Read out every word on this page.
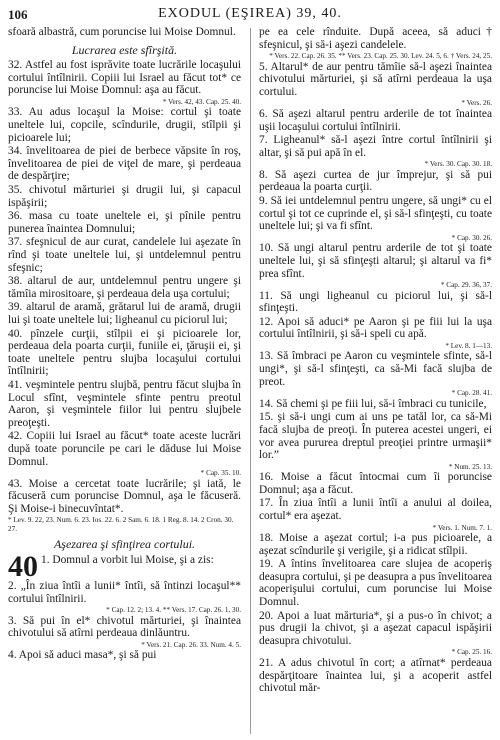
106	EXODUL (EŞIREA) 39, 40.

sfoară albastră, cum poruncise lui Moise Domnul.

Lucrarea este sfîrşită.

32. Astfel au fost isprăvite toate lucrările locaşului cortului întîlnirii. Copiii lui Israel au făcut tot* ce poruncise lui Moise Domnul: aşa au făcut.

* Vers. 42, 43. Cap. 25. 40.

33. Au adus locaşul la Moise: cortul şi toate uneltele lui, copcile, scîndurile, drugii, stîlpii şi picioarele lui;

34. învelitoarea de piei de berbece văpsite în roş, învelitoarea de piei de viţel de mare, şi perdeaua de despărţire;

35. chivotul mărturiei şi drugii lui, şi capacul ispăşirii;

36. masa cu toate uneltele ei, şi pînile pentru punerea înaintea Domnului;

37. sfeşnicul de aur curat, candelele lui aşezate în rînd şi toate uneltele lui, şi untdelemnul pentru sfeşnic;

38. altarul de aur, untdelemnul pentru ungere şi tămîia mirositoare, şi perdeaua dela uşa cortului;

39. altarul de aramă, grătarul lui de aramă, drugii lui şi toate uneltele lui; ligheanul cu piciorul lui;

40. pînzele curţii, stîlpii ei şi picioarele lor, perdeaua dela poarta curţii, funiile ei, ţăruşii ei, şi toate uneltele pentru slujba locaşului cortului întîlnirii;

41. veşmintele pentru slujbă, pentru făcut slujba în Locul sfînt, veşmintele sfinte pentru preotul Aaron, şi veşmintele fiilor lui pentru slujbele preoţeşti.

42. Copiii lui Israel au făcut* toate aceste lucrări după toate poruncile pe cari le dăduse lui Moise Domnul.

* Cap. 35. 10.

43. Moise a cercetat toate lucrările; şi iată, le făcuseră cum poruncise Domnul, aşa le făcuseră. Şi Moise-i binecuvîntat*.

* Lev. 9. 22, 23. Num. 6. 23. Ios. 22. 6. 2 Sam. 6. 18. 1 Reg. 8. 14. 2 Cron. 30. 27.

Aşezarea şi sfinţirea cortului.

40 1. Domnul a vorbit lui Moise, şi a zis:

2. „În ziua întîi a lunii* întîi, să întinzi locaşul** cortului întîlnirii.

* Cap. 12. 2; 13. 4. ** Vers. 17. Cap. 26. 1, 30.

3. Să pui în el* chivotul mărturiei, şi înaintea chivotului să atîrni perdeaua dinlăuntru.

* Vers. 21. Cap. 26. 33. Num. 4. 5.

4. Apoi să aduci masa*, şi să pui

pe ea cele rînduite. După aceea, să aduci† sfeşnicul, şi să-i aşezi candelele.

* Vers. 22. Cap. 26. 35. ** Vers. 23. Cap. 25. 30. Lev. 24. 5, 6. † Vers. 24, 25.

5. Altarul* de aur pentru tămîie să-l aşezi înaintea chivotului mărturiei, şi să atîrni perdeaua la uşa cortului.

* Vers. 26.

6. Să aşezi altarul pentru arderile de tot înaintea uşii locaşului cortului întîlnirii.

7. Ligheanul* să-l aşezi între cortul întîlnirii şi altar, şi să pui apă în el.

* Vers. 30. Cap. 30. 18.

8. Să aşezi curtea de jur împrejur, şi să pui perdeaua la poarta curţii.

9. Să iei untdelemnul pentru ungere, să ungi* cu el cortul şi tot ce cuprinde el, şi să-l sfinţeşti, cu toate uneltele lui; şi va fi sfînt.

* Cap. 30. 26.

10. Să ungi altarul pentru arderile de tot şi toate uneltele lui, şi să sfinţeşti altarul; şi altarul va fi* prea sfînt.

* Cap. 29. 36, 37.

11. Să ungi ligheanul cu piciorul lui, şi să-l sfinţeşti.

12. Apoi să aduci* pe Aaron şi pe fiii lui la uşa cortului întîlnirii, şi să-i speli cu apă.

* Lev. 8. 1—13.

13. Să îmbraci pe Aaron cu veşmintele sfinte, să-l ungi*, şi să-l sfinţeşti, ca să-Mi facă slujba de preot.

* Cap. 28. 41.

14. Să chemi şi pe fiii lui, să-i îmbraci cu tunicile,

15. şi să-i ungi cum ai uns pe tatăl lor, ca să-Mi facă slujba de preoţi. În puterea acestei ungeri, ei vor avea pururea dreptul preoţiei printre urmaşii* lor.”

* Num. 25. 13.

16. Moise a făcut întocmai cum îi poruncise Domnul; aşa a făcut.

17. În ziua întîi a lunii întîi a anului al doilea, cortul* era aşezat.

* Vers. 1. Num. 7. 1.

18. Moise a aşezat cortul; i-a pus picioarele, a aşezat scîndurile şi verigile, şi a ridicat stîlpii.

19. A întins învelitoarea care slujea de acoperiş deasupra cortului, şi pe deasupra a pus învelitoarea acoperişului cortului, cum poruncise lui Moise Domnul.

20. Apoi a luat mărturia*, şi a pus-o în chivot; a pus drugii la chivot, şi a aşezat capacul ispăşirii deasupra chivotului.

* Cap. 25. 16.

21. A adus chivotul în cort; a atîrnat* perdeaua despărţitoare înaintea lui, şi a acoperit astfel chivotul măr-
